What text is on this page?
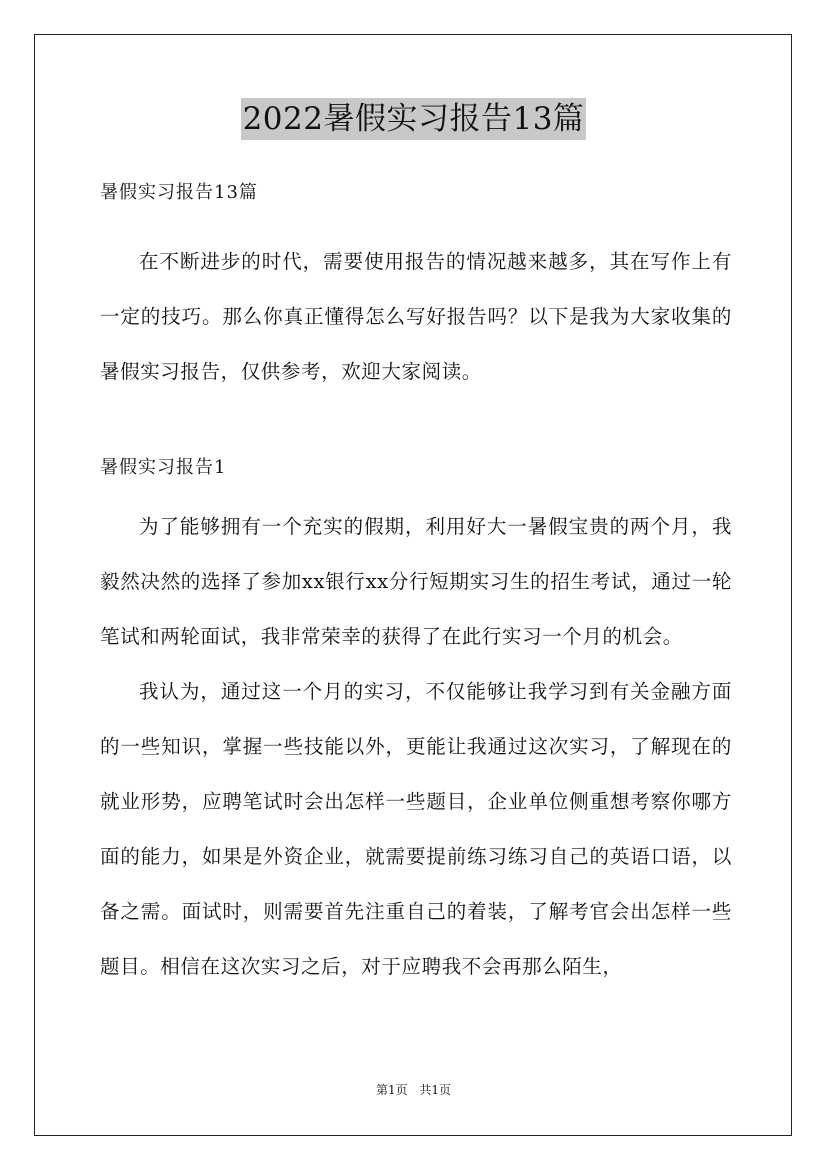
2022暑假实习报告13篇

暑假实习报告13篇

在不断进步的时代，需要使用报告的情况越来越多，其在写作上有一定的技巧。那么你真正懂得怎么写好报告吗？以下是我为大家收集的暑假实习报告，仅供参考，欢迎大家阅读。

暑假实习报告1

为了能够拥有一个充实的假期，利用好大一暑假宝贵的两个月，我毅然决然的选择了参加xx银行xx分行短期实习生的招生考试，通过一轮笔试和两轮面试，我非常荣幸的获得了在此行实习一个月的机会。

我认为，通过这一个月的实习，不仅能够让我学习到有关金融方面的一些知识，掌握一些技能以外，更能让我通过这次实习，了解现在的就业形势，应聘笔试时会出怎样一些题目，企业单位侧重想考察你哪方面的能力，如果是外资企业，就需要提前练习练习自己的英语口语，以备之需。面试时，则需要首先注重自己的着装，了解考官会出怎样一些题目。相信在这次实习之后，对于应聘我不会再那么陌生，

第1页 共1页
